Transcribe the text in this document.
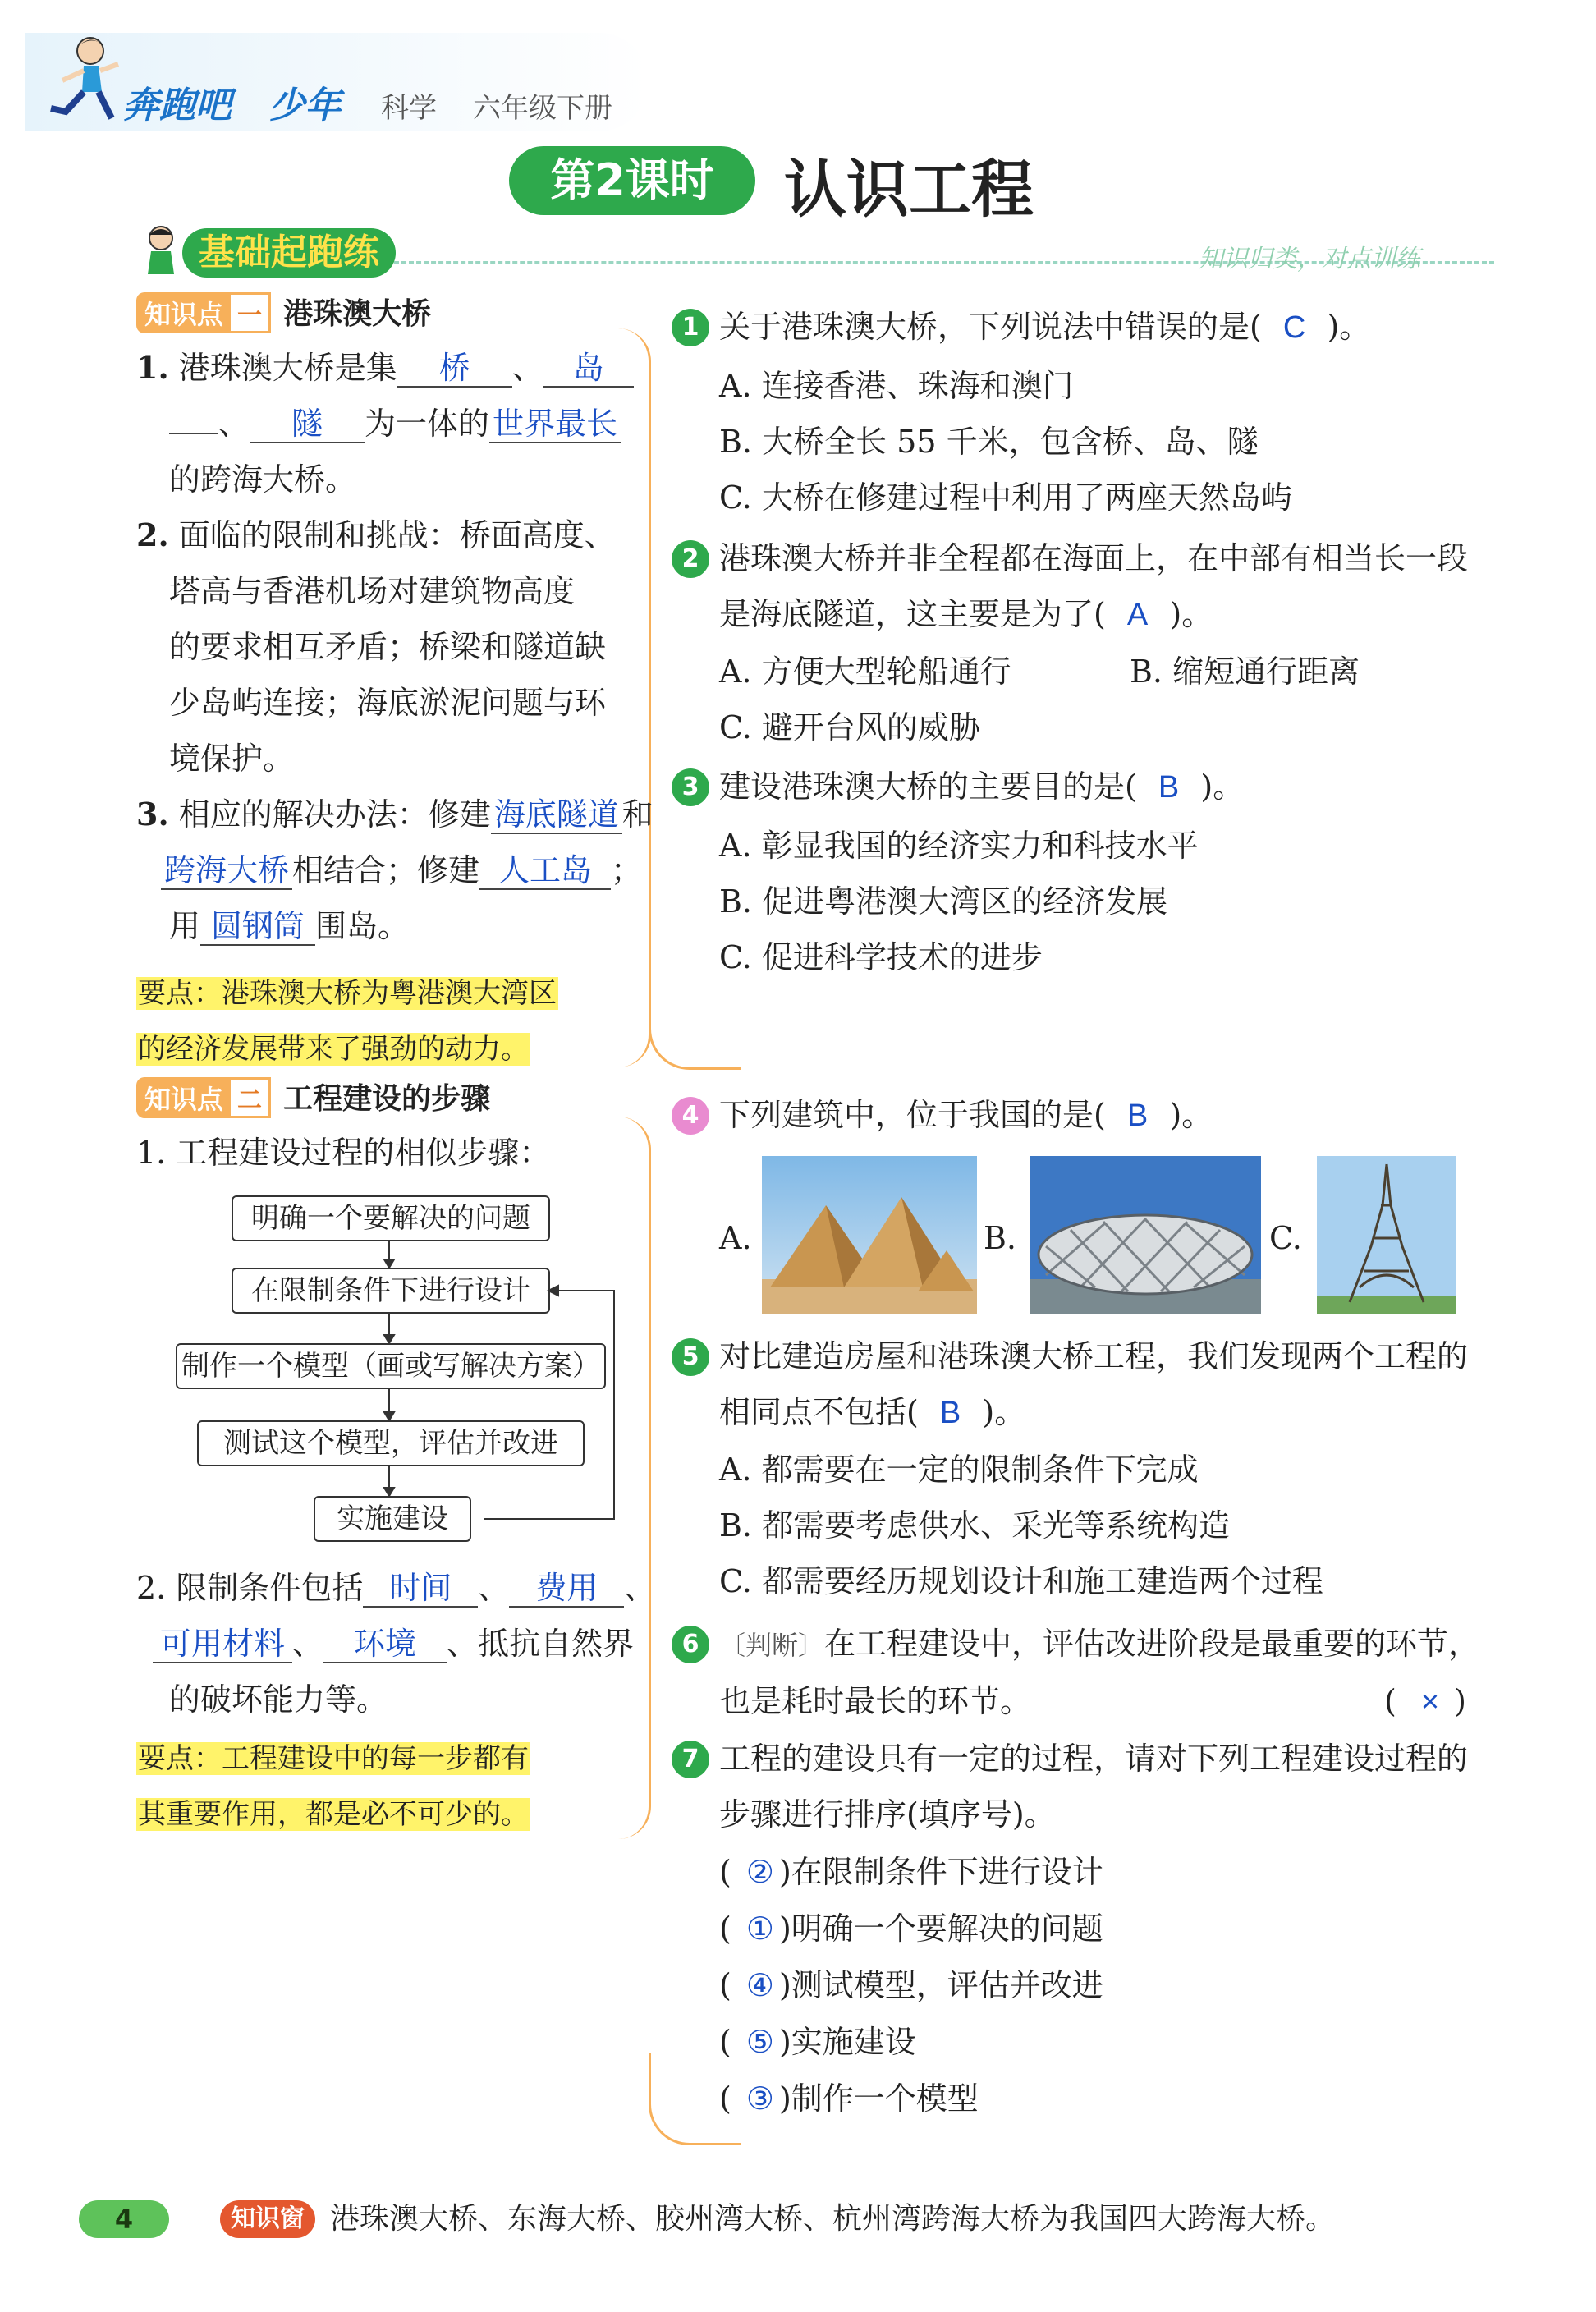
奔跑吧 少年 科学 六年级下册
第2课时	认识工程
基础起跑练	知识归类，对点训练
知识点 一 港珠澳大桥
1. 港珠澳大桥是集 桥 、 岛
、 隧 为一体的 世界最长
的跨海大桥。
2. 面临的限制和挑战：桥面高度、
塔高与香港机场对建筑物高度
的要求相互矛盾；桥梁和隧道缺
少岛屿连接；海底淤泥问题与环
境保护。
3. 相应的解决办法：修建 海底隧道 和
跨海大桥 相结合；修建 人工岛 ；
用 圆钢筒 围岛。
要点：港珠澳大桥为粤港澳大湾区
的经济发展带来了强劲的动力。
知识点 二 工程建设的步骤
1. 工程建设过程的相似步骤：
明确一个要解决的问题
在限制条件下进行设计
制作一个模型（画或写解决方案）
测试这个模型，评估并改进
实施建设
2. 限制条件包括 时间 、 费用 、
可用材料 、 环境 、抵抗自然界
的破坏能力等。
要点：工程建设中的每一步都有
其重要作用，都是必不可少的。
1 关于港珠澳大桥，下列说法中错误的是( C )。
A. 连接香港、珠海和澳门
B. 大桥全长 55 千米，包含桥、岛、隧
C. 大桥在修建过程中利用了两座天然岛屿
2 港珠澳大桥并非全程都在海面上，在中部有相当长一段
是海底隧道，这主要是为了( A )。
A. 方便大型轮船通行	B. 缩短通行距离
C. 避开台风的威胁
3 建设港珠澳大桥的主要目的是( B )。
A. 彰显我国的经济实力和科技水平
B. 促进粤港澳大湾区的经济发展
C. 促进科学技术的进步
4 下列建筑中，位于我国的是( B )。
A.	B.	C.
5 对比建造房屋和港珠澳大桥工程，我们发现两个工程的
相同点不包括( B )。
A. 都需要在一定的限制条件下完成
B. 都需要考虑供水、采光等系统构造
C. 都需要经历规划设计和施工建造两个过程
6 〔判断〕在工程建设中，评估改进阶段是最重要的环节，
也是耗时最长的环节。	( × )
7 工程的建设具有一定的过程，请对下列工程建设过程的
步骤进行排序(填序号)。
( ② )在限制条件下进行设计
( ① )明确一个要解决的问题
( ④ )测试模型，评估并改进
( ⑤ )实施建设
( ③ )制作一个模型
4	知识窗 港珠澳大桥、东海大桥、胶州湾大桥、杭州湾跨海大桥为我国四大跨海大桥。
